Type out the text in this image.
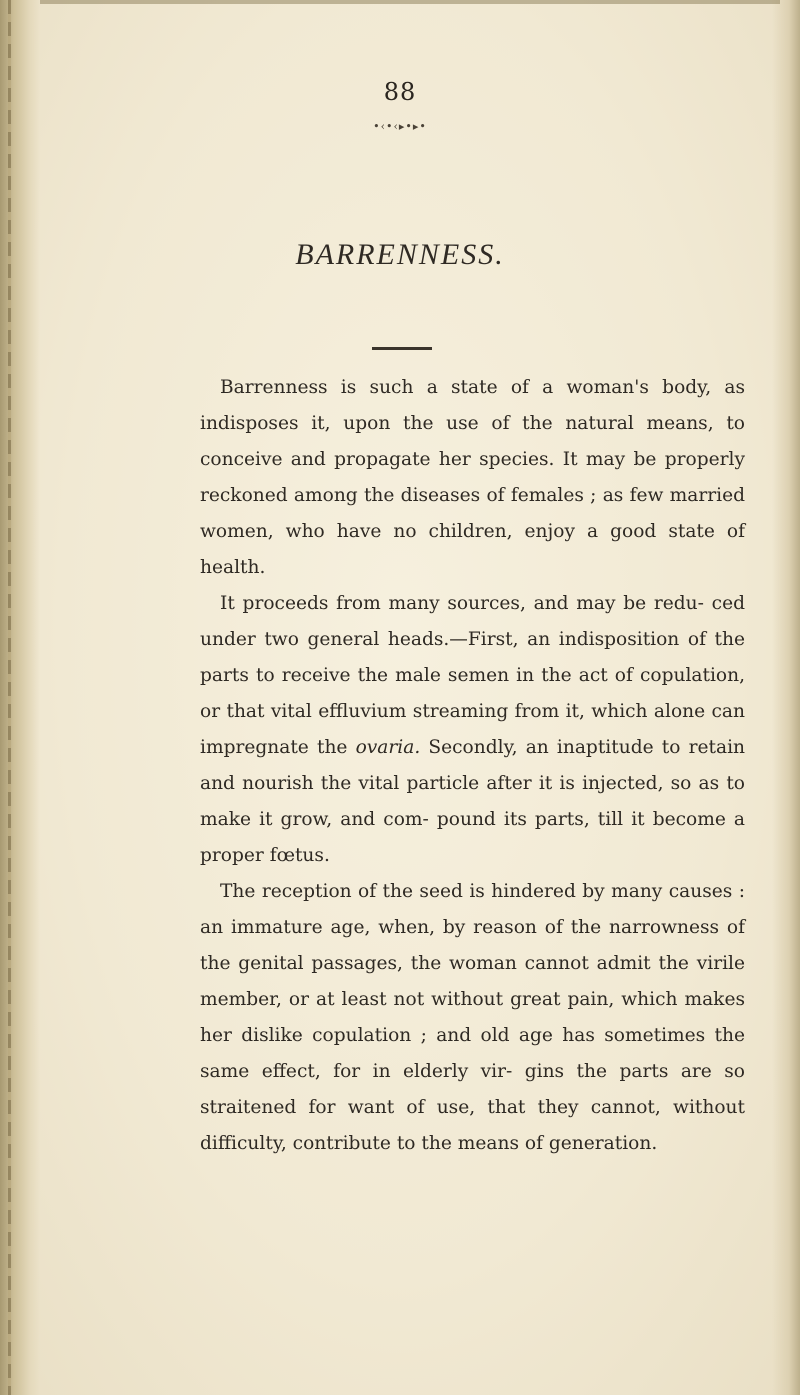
88
•‹•‹▸•▸•
BARRENNESS.

Barrenness is such a state of a woman's body, as indisposes it, upon the use of the natural means, to conceive and propagate her species. It may be properly reckoned among the diseases of females ; as few married women, who have no children, enjoy a good state of health.

It proceeds from many sources, and may be redu- ced under two general heads.—First, an indisposition of the parts to receive the male semen in the act of copulation, or that vital effluvium streaming from it, which alone can impregnate the ovaria. Secondly, an inaptitude to retain and nourish the vital particle after it is injected, so as to make it grow, and com- pound its parts, till it become a proper fœtus.

The reception of the seed is hindered by many causes : an immature age, when, by reason of the narrowness of the genital passages, the woman cannot admit the virile member, or at least not without great pain, which makes her dislike copulation ; and old age has sometimes the same effect, for in elderly vir- gins the parts are so straitened for want of use, that they cannot, without difficulty, contribute to the means of generation.
